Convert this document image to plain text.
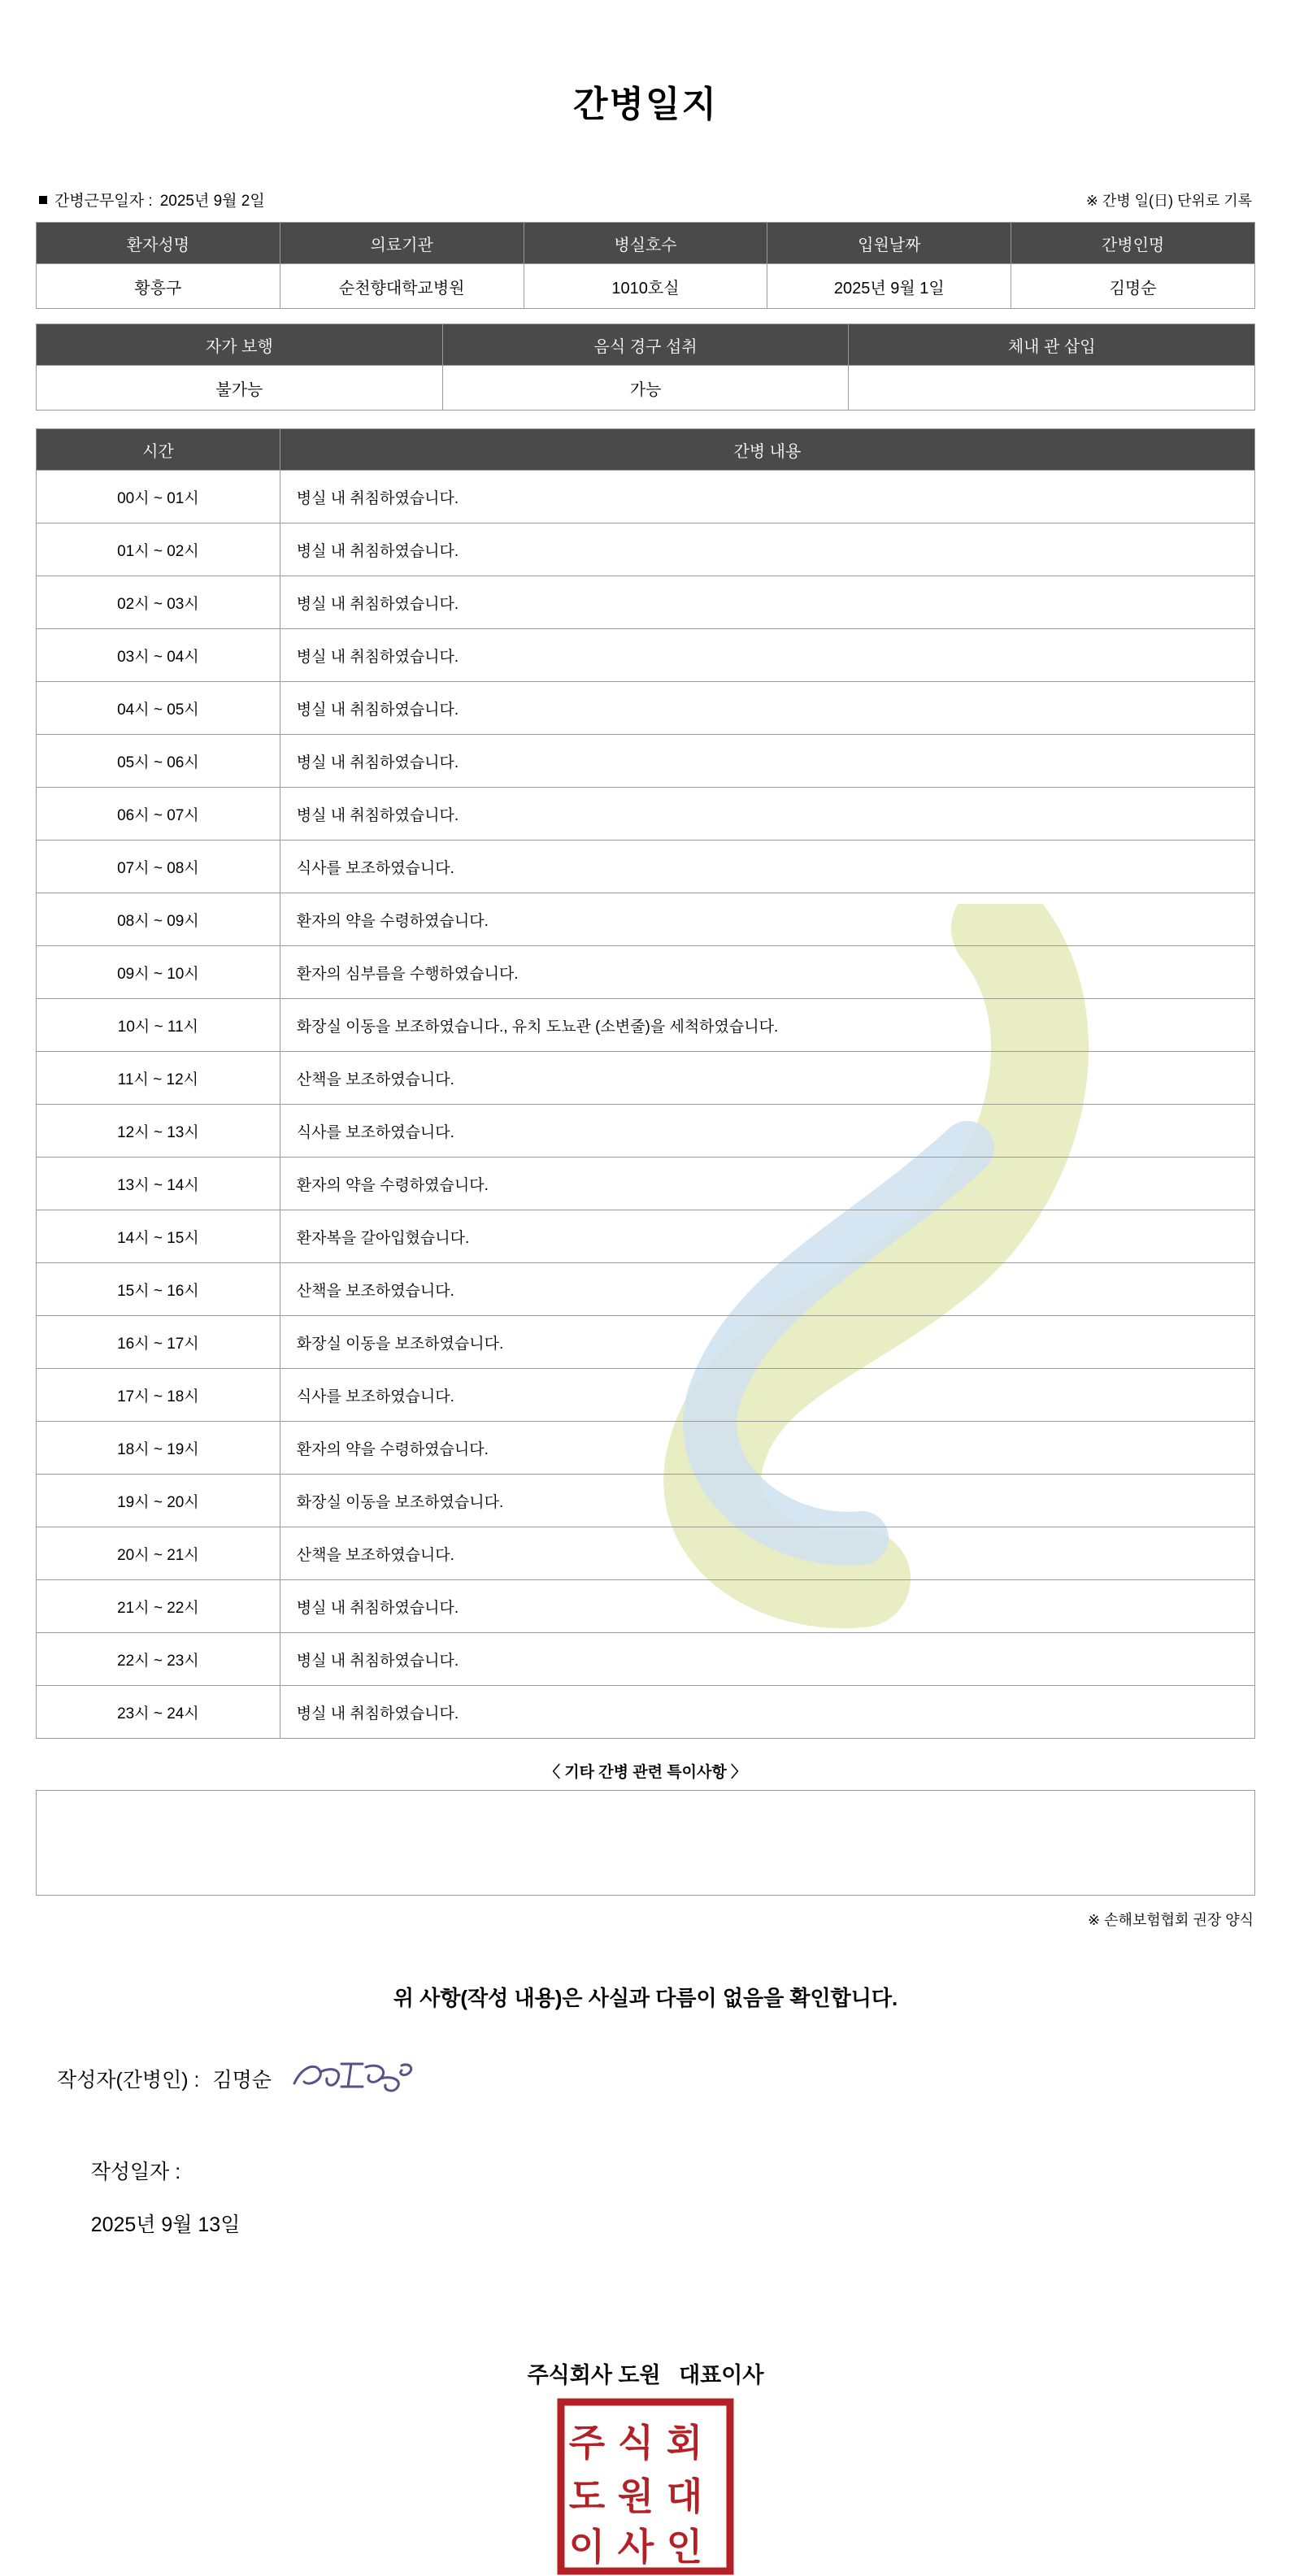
간병일지
간병근무일자 : 2025년 9월 2일	※ 간병 일(日) 단위로 기록
환자성명	의료기관	병실호수	입원날짜	간병인명
황흥구	순천향대학교병원	1010호실	2025년 9월 1일	김명순
자가 보행	음식 경구 섭취	체내 관 삽입
불가능	가능	
시간	간병 내용
00시 ~ 01시	병실 내 취침하였습니다.
01시 ~ 02시	병실 내 취침하였습니다.
02시 ~ 03시	병실 내 취침하였습니다.
03시 ~ 04시	병실 내 취침하였습니다.
04시 ~ 05시	병실 내 취침하였습니다.
05시 ~ 06시	병실 내 취침하였습니다.
06시 ~ 07시	병실 내 취침하였습니다.
07시 ~ 08시	식사를 보조하였습니다.
08시 ~ 09시	환자의 약을 수령하였습니다.
09시 ~ 10시	환자의 심부름을 수행하였습니다.
10시 ~ 11시	화장실 이동을 보조하였습니다., 유치 도뇨관 (소변줄)을 세척하였습니다.
11시 ~ 12시	산책을 보조하였습니다.
12시 ~ 13시	식사를 보조하였습니다.
13시 ~ 14시	환자의 약을 수령하였습니다.
14시 ~ 15시	환자복을 갈아입혔습니다.
15시 ~ 16시	산책을 보조하였습니다.
16시 ~ 17시	화장실 이동을 보조하였습니다.
17시 ~ 18시	식사를 보조하였습니다.
18시 ~ 19시	환자의 약을 수령하였습니다.
19시 ~ 20시	화장실 이동을 보조하였습니다.
20시 ~ 21시	산책을 보조하였습니다.
21시 ~ 22시	병실 내 취침하였습니다.
22시 ~ 23시	병실 내 취침하였습니다.
23시 ~ 24시	병실 내 취침하였습니다.
〈 기타 간병 관련 특이사항 〉
※ 손해보험협회 권장 양식
위 사항(작성 내용)은 사실과 다름이 없음을 확인합니다.
작성자(간병인) : 김명순

작성일자 :

2025년 9월 13일

주식회사 도원   대표이사
주 식 회
도 원 대
이 사 인
